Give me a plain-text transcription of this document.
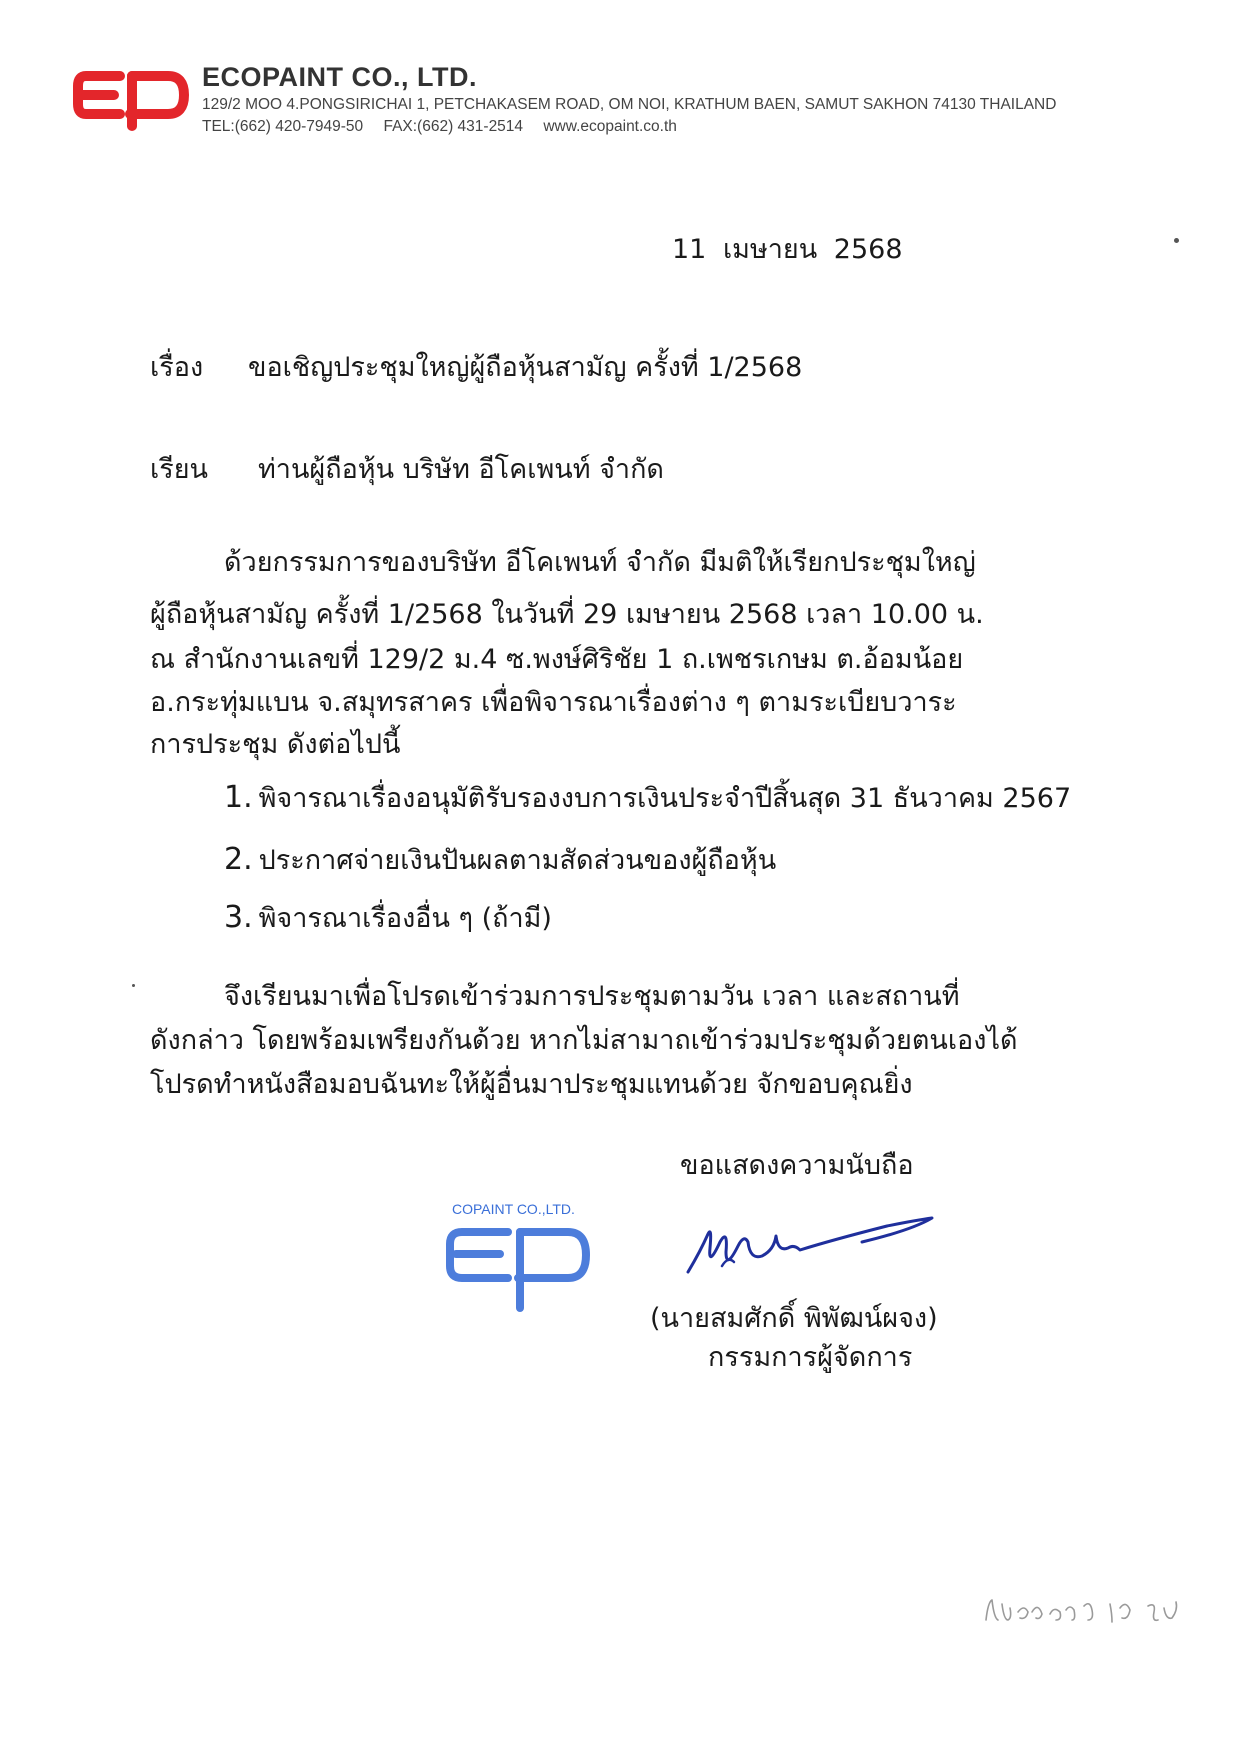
ECOPAINT CO., LTD.
129/2 MOO 4.PONGSIRICHAI 1, PETCHAKASEM ROAD, OM NOI, KRATHUM BAEN, SAMUT SAKHON 74130 THAILAND
TEL:(662) 420-7949-50 FAX:(662) 431-2514 www.ecopaint.co.th
11 เมษายน 2568
เรื่อง ขอเชิญประชุมใหญ่ผู้ถือหุ้นสามัญ ครั้งที่ 1/2568
เรียน ท่านผู้ถือหุ้น บริษัท อีโคเพนท์ จำกัด
ด้วยกรรมการของบริษัท อีโคเพนท์ จำกัด มีมติให้เรียกประชุมใหญ่
ผู้ถือหุ้นสามัญ ครั้งที่ 1/2568 ในวันที่ 29 เมษายน 2568 เวลา 10.00 น.
ณ สำนักงานเลขที่ 129/2 ม.4 ซ.พงษ์ศิริชัย 1 ถ.เพชรเกษม ต.อ้อมน้อย
อ.กระทุ่มแบน จ.สมุทรสาคร เพื่อพิจารณาเรื่องต่าง ๆ ตามระเบียบวาระ
การประชุม ดังต่อไปนี้
1. พิจารณาเรื่องอนุมัติรับรองงบการเงินประจำปีสิ้นสุด 31 ธันวาคม 2567
2. ประกาศจ่ายเงินปันผลตามสัดส่วนของผู้ถือหุ้น
3. พิจารณาเรื่องอื่น ๆ (ถ้ามี)
จึงเรียนมาเพื่อโปรดเข้าร่วมการประชุมตามวัน เวลา และสถานที่
ดังกล่าว โดยพร้อมเพรียงกันด้วย หากไม่สามาถเข้าร่วมประชุมด้วยตนเองได้
โปรดทำหนังสือมอบฉันทะให้ผู้อื่นมาประชุมแทนด้วย จักขอบคุณยิ่ง
ขอแสดงความนับถือ
COPAINT CO.,LTD.
(นายสมศักดิ์ พิพัฒน์ผจง)
กรรมการผู้จัดการ
